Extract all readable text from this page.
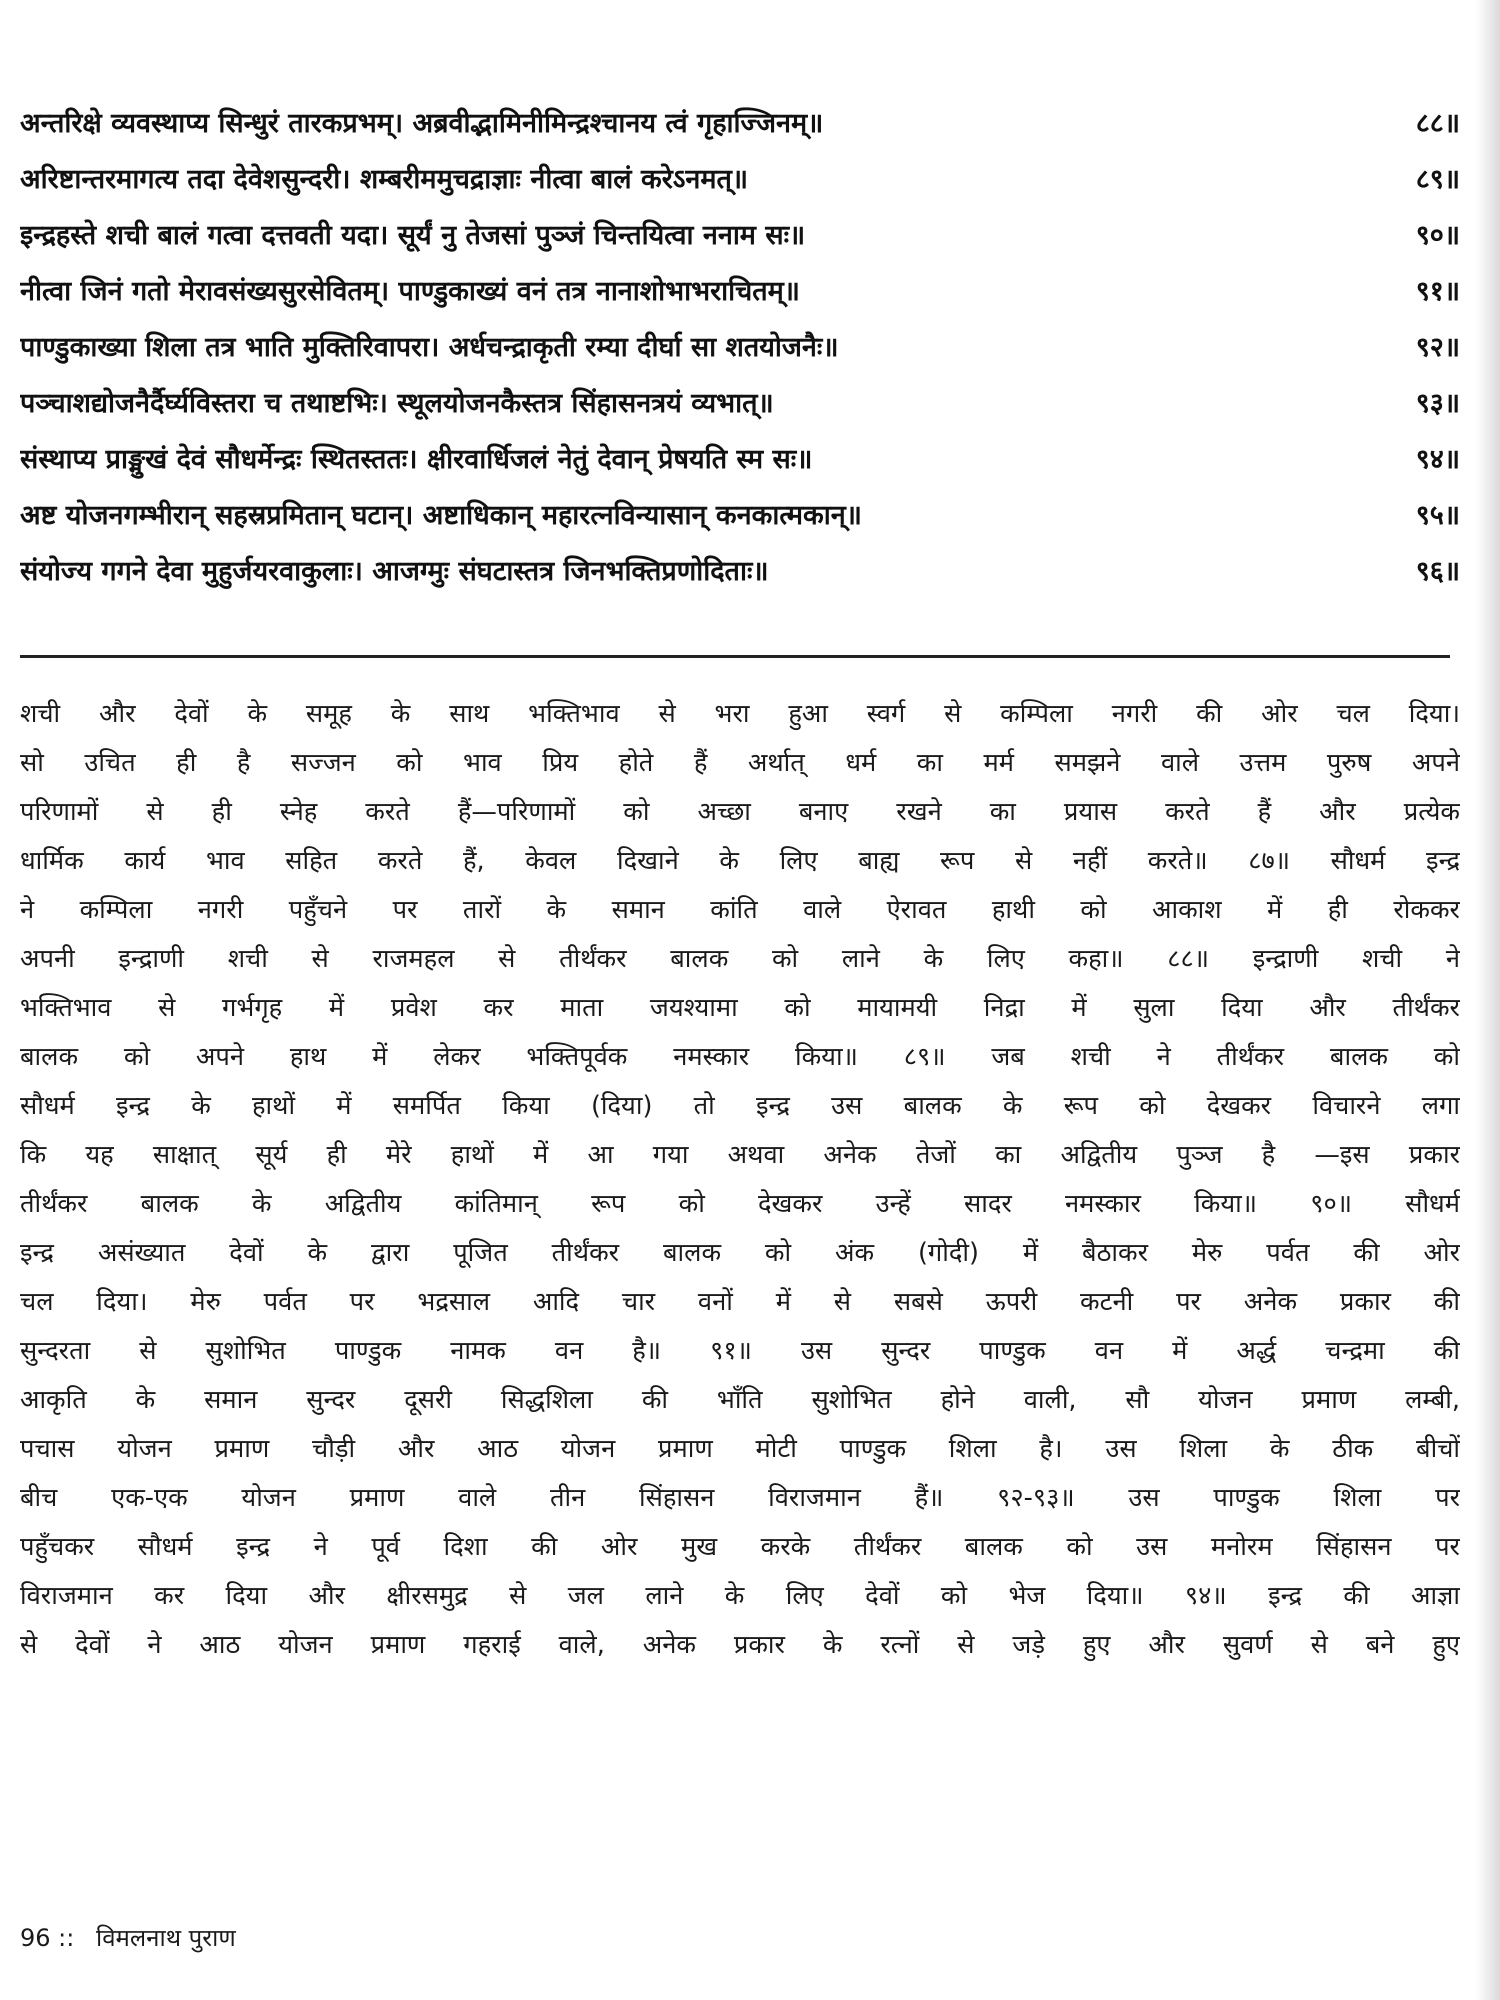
अन्तरिक्षे व्यवस्थाप्य सिन्धुरं तारकप्रभम्। अब्रवीद्भामिनीमिन्द्रश्चानय त्वं गृहाज्जिनम्॥	८८॥
अरिष्टान्तरमागत्य तदा देवेशसुन्दरी। शम्बरीममुचद्राज्ञाः नीत्वा बालं करेऽनमत्॥	८९॥
इन्द्रहस्ते शची बालं गत्वा दत्तवती यदा। सूर्यं नु तेजसां पुञ्जं चिन्तयित्वा ननाम सः॥	९०॥
नीत्वा जिनं गतो मेरावसंख्यसुरसेवितम्। पाण्डुकाख्यं वनं तत्र नानाशोभाभराचितम्॥	९१॥
पाण्डुकाख्या शिला तत्र भाति मुक्तिरिवापरा। अर्धचन्द्राकृती रम्या दीर्घा सा शतयोजनैः॥	९२॥
पञ्चाशद्योजनैर्दैर्घ्यविस्तरा च तथाष्टभिः। स्थूलयोजनकैस्तत्र सिंहासनत्रयं व्यभात्॥	९३॥
संस्थाप्य प्राङ्मुखं देवं सौधर्मेन्द्रः स्थितस्ततः। क्षीरवार्धिजलं नेतुं देवान् प्रेषयति स्म सः॥	९४॥
अष्ट योजनगम्भीरान् सहस्रप्रमितान् घटान्। अष्टाधिकान् महारत्नविन्यासान् कनकात्मकान्॥	९५॥
संयोज्य गगने देवा मुहुर्जयरवाकुलाः। आजग्मुः संघटास्तत्र जिनभक्तिप्रणोदिताः॥	९६॥
शची और देवों के समूह के साथ भक्तिभाव से भरा हुआ स्वर्ग से कम्पिला नगरी की ओर चल दिया।
सो उचित ही है सज्जन को भाव प्रिय होते हैं अर्थात् धर्म का मर्म समझने वाले उत्तम पुरुष अपने
परिणामों से ही स्नेह करते हैं—परिणामों को अच्छा बनाए रखने का प्रयास करते हैं और प्रत्येक
धार्मिक कार्य भाव सहित करते हैं, केवल दिखाने के लिए बाह्य रूप से नहीं करते॥ ८७॥ सौधर्म इन्द्र
ने कम्पिला नगरी पहुँचने पर तारों के समान कांति वाले ऐरावत हाथी को आकाश में ही रोककर
अपनी इन्द्राणी शची से राजमहल से तीर्थंकर बालक को लाने के लिए कहा॥ ८८॥ इन्द्राणी शची ने
भक्तिभाव से गर्भगृह में प्रवेश कर माता जयश्यामा को मायामयी निद्रा में सुला दिया और तीर्थंकर
बालक को अपने हाथ में लेकर भक्तिपूर्वक नमस्कार किया॥ ८९॥ जब शची ने तीर्थंकर बालक को
सौधर्म इन्द्र के हाथों में समर्पित किया (दिया) तो इन्द्र उस बालक के रूप को देखकर विचारने लगा
कि यह साक्षात् सूर्य ही मेरे हाथों में आ गया अथवा अनेक तेजों का अद्वितीय पुञ्ज है —इस प्रकार
तीर्थंकर बालक के अद्वितीय कांतिमान् रूप को देखकर उन्हें सादर नमस्कार किया॥ ९०॥ सौधर्म
इन्द्र असंख्यात देवों के द्वारा पूजित तीर्थंकर बालक को अंक (गोदी) में बैठाकर मेरु पर्वत की ओर
चल दिया। मेरु पर्वत पर भद्रसाल आदि चार वनों में से सबसे ऊपरी कटनी पर अनेक प्रकार की
सुन्दरता से सुशोभित पाण्डुक नामक वन है॥ ९१॥ उस सुन्दर पाण्डुक वन में अर्द्ध चन्द्रमा की
आकृति के समान सुन्दर दूसरी सिद्धशिला की भाँति सुशोभित होने वाली, सौ योजन प्रमाण लम्बी,
पचास योजन प्रमाण चौड़ी और आठ योजन प्रमाण मोटी पाण्डुक शिला है। उस शिला के ठीक बीचों
बीच एक-एक योजन प्रमाण वाले तीन सिंहासन विराजमान हैं॥ ९२-९३॥ उस पाण्डुक शिला पर
पहुँचकर सौधर्म इन्द्र ने पूर्व दिशा की ओर मुख करके तीर्थंकर बालक को उस मनोरम सिंहासन पर
विराजमान कर दिया और क्षीरसमुद्र से जल लाने के लिए देवों को भेज दिया॥ ९४॥ इन्द्र की आज्ञा
से देवों ने आठ योजन प्रमाण गहराई वाले, अनेक प्रकार के रत्नों से जड़े हुए और सुवर्ण से बने हुए
96 :: विमलनाथ पुराण
